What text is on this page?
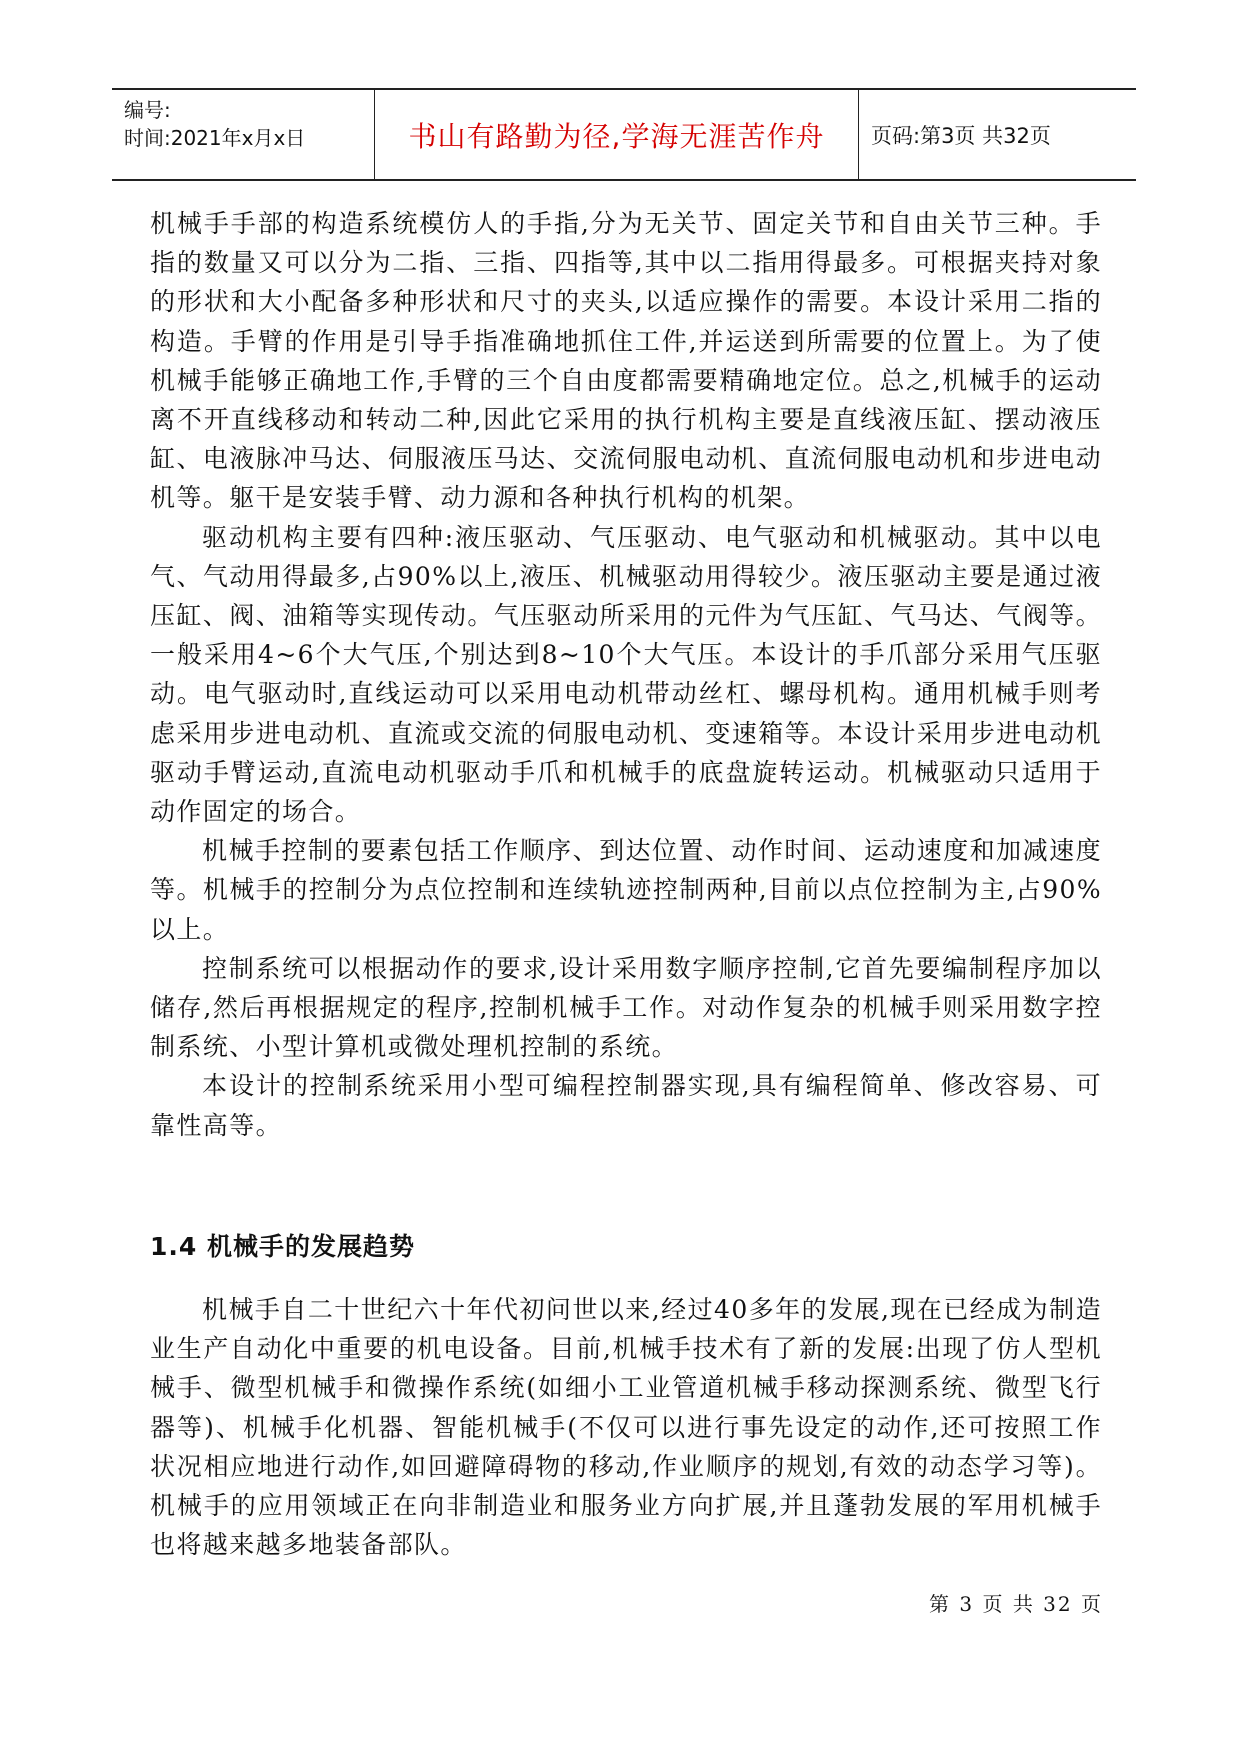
编号:
时间:2021年x月x日	书山有路勤为径,学海无涯苦作舟	页码:第3页 共32页

机械手手部的构造系统模仿人的手指,分为无关节、固定关节和自由关节三种。手指的数量又可以分为二指、三指、四指等,其中以二指用得最多。可根据夹持对象的形状和大小配备多种形状和尺寸的夹头,以适应操作的需要。本设计采用二指的构造。手臂的作用是引导手指准确地抓住工件,并运送到所需要的位置上。为了使机械手能够正确地工作,手臂的三个自由度都需要精确地定位。总之,机械手的运动离不开直线移动和转动二种,因此它采用的执行机构主要是直线液压缸、摆动液压缸、电液脉冲马达、伺服液压马达、交流伺服电动机、直流伺服电动机和步进电动机等。躯干是安装手臂、动力源和各种执行机构的机架。

驱动机构主要有四种:液压驱动、气压驱动、电气驱动和机械驱动。其中以电气、气动用得最多,占90%以上,液压、机械驱动用得较少。液压驱动主要是通过液压缸、阀、油箱等实现传动。气压驱动所采用的元件为气压缸、气马达、气阀等。一般采用4~6个大气压,个别达到8~10个大气压。本设计的手爪部分采用气压驱动。电气驱动时,直线运动可以采用电动机带动丝杠、螺母机构。通用机械手则考虑采用步进电动机、直流或交流的伺服电动机、变速箱等。本设计采用步进电动机驱动手臂运动,直流电动机驱动手爪和机械手的底盘旋转运动。机械驱动只适用于动作固定的场合。

机械手控制的要素包括工作顺序、到达位置、动作时间、运动速度和加减速度等。机械手的控制分为点位控制和连续轨迹控制两种,目前以点位控制为主,占90%以上。

控制系统可以根据动作的要求,设计采用数字顺序控制,它首先要编制程序加以储存,然后再根据规定的程序,控制机械手工作。对动作复杂的机械手则采用数字控制系统、小型计算机或微处理机控制的系统。

本设计的控制系统采用小型可编程控制器实现,具有编程简单、修改容易、可靠性高等。

1.4 机械手的发展趋势

机械手自二十世纪六十年代初问世以来,经过40多年的发展,现在已经成为制造业生产自动化中重要的机电设备。目前,机械手技术有了新的发展:出现了仿人型机械手、微型机械手和微操作系统(如细小工业管道机械手移动探测系统、微型飞行器等)、机械手化机器、智能机械手(不仅可以进行事先设定的动作,还可按照工作状况相应地进行动作,如回避障碍物的移动,作业顺序的规划,有效的动态学习等)。机械手的应用领域正在向非制造业和服务业方向扩展,并且蓬勃发展的军用机械手也将越来越多地装备部队。

第 3 页 共 32 页
